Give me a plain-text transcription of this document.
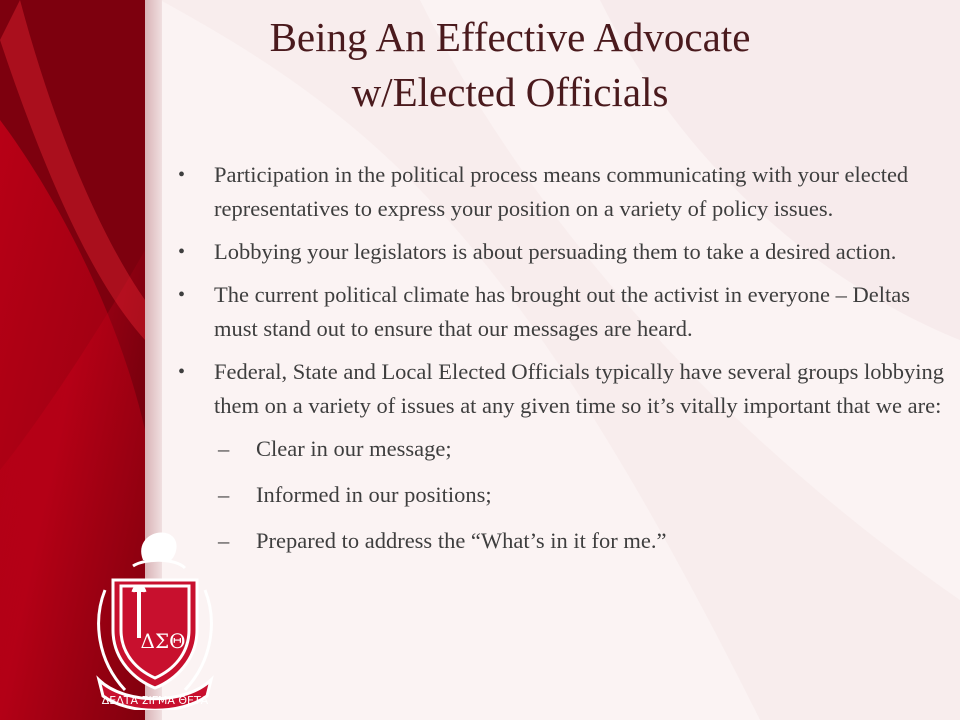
Being An Effective Advocate
w/Elected Officials
•	Participation in the political process means communicating with your elected representatives to express your position on a variety of policy issues.
•	Lobbying your legislators is about persuading them to take a desired action.
•	The current political climate has brought out the activist in everyone – Deltas must stand out to ensure that our messages are heard.
•	Federal, State and Local Elected Officials typically have several groups lobbying them on a variety of issues at any given time so it’s vitally important that we are:
– Clear in our message;
– Informed in our positions;
– Prepared to address the “What’s in it for me.”
ΔΣΘ
ΔΕΛΤΑ ΣΙΓΜΑ ΘΕΤΑ
